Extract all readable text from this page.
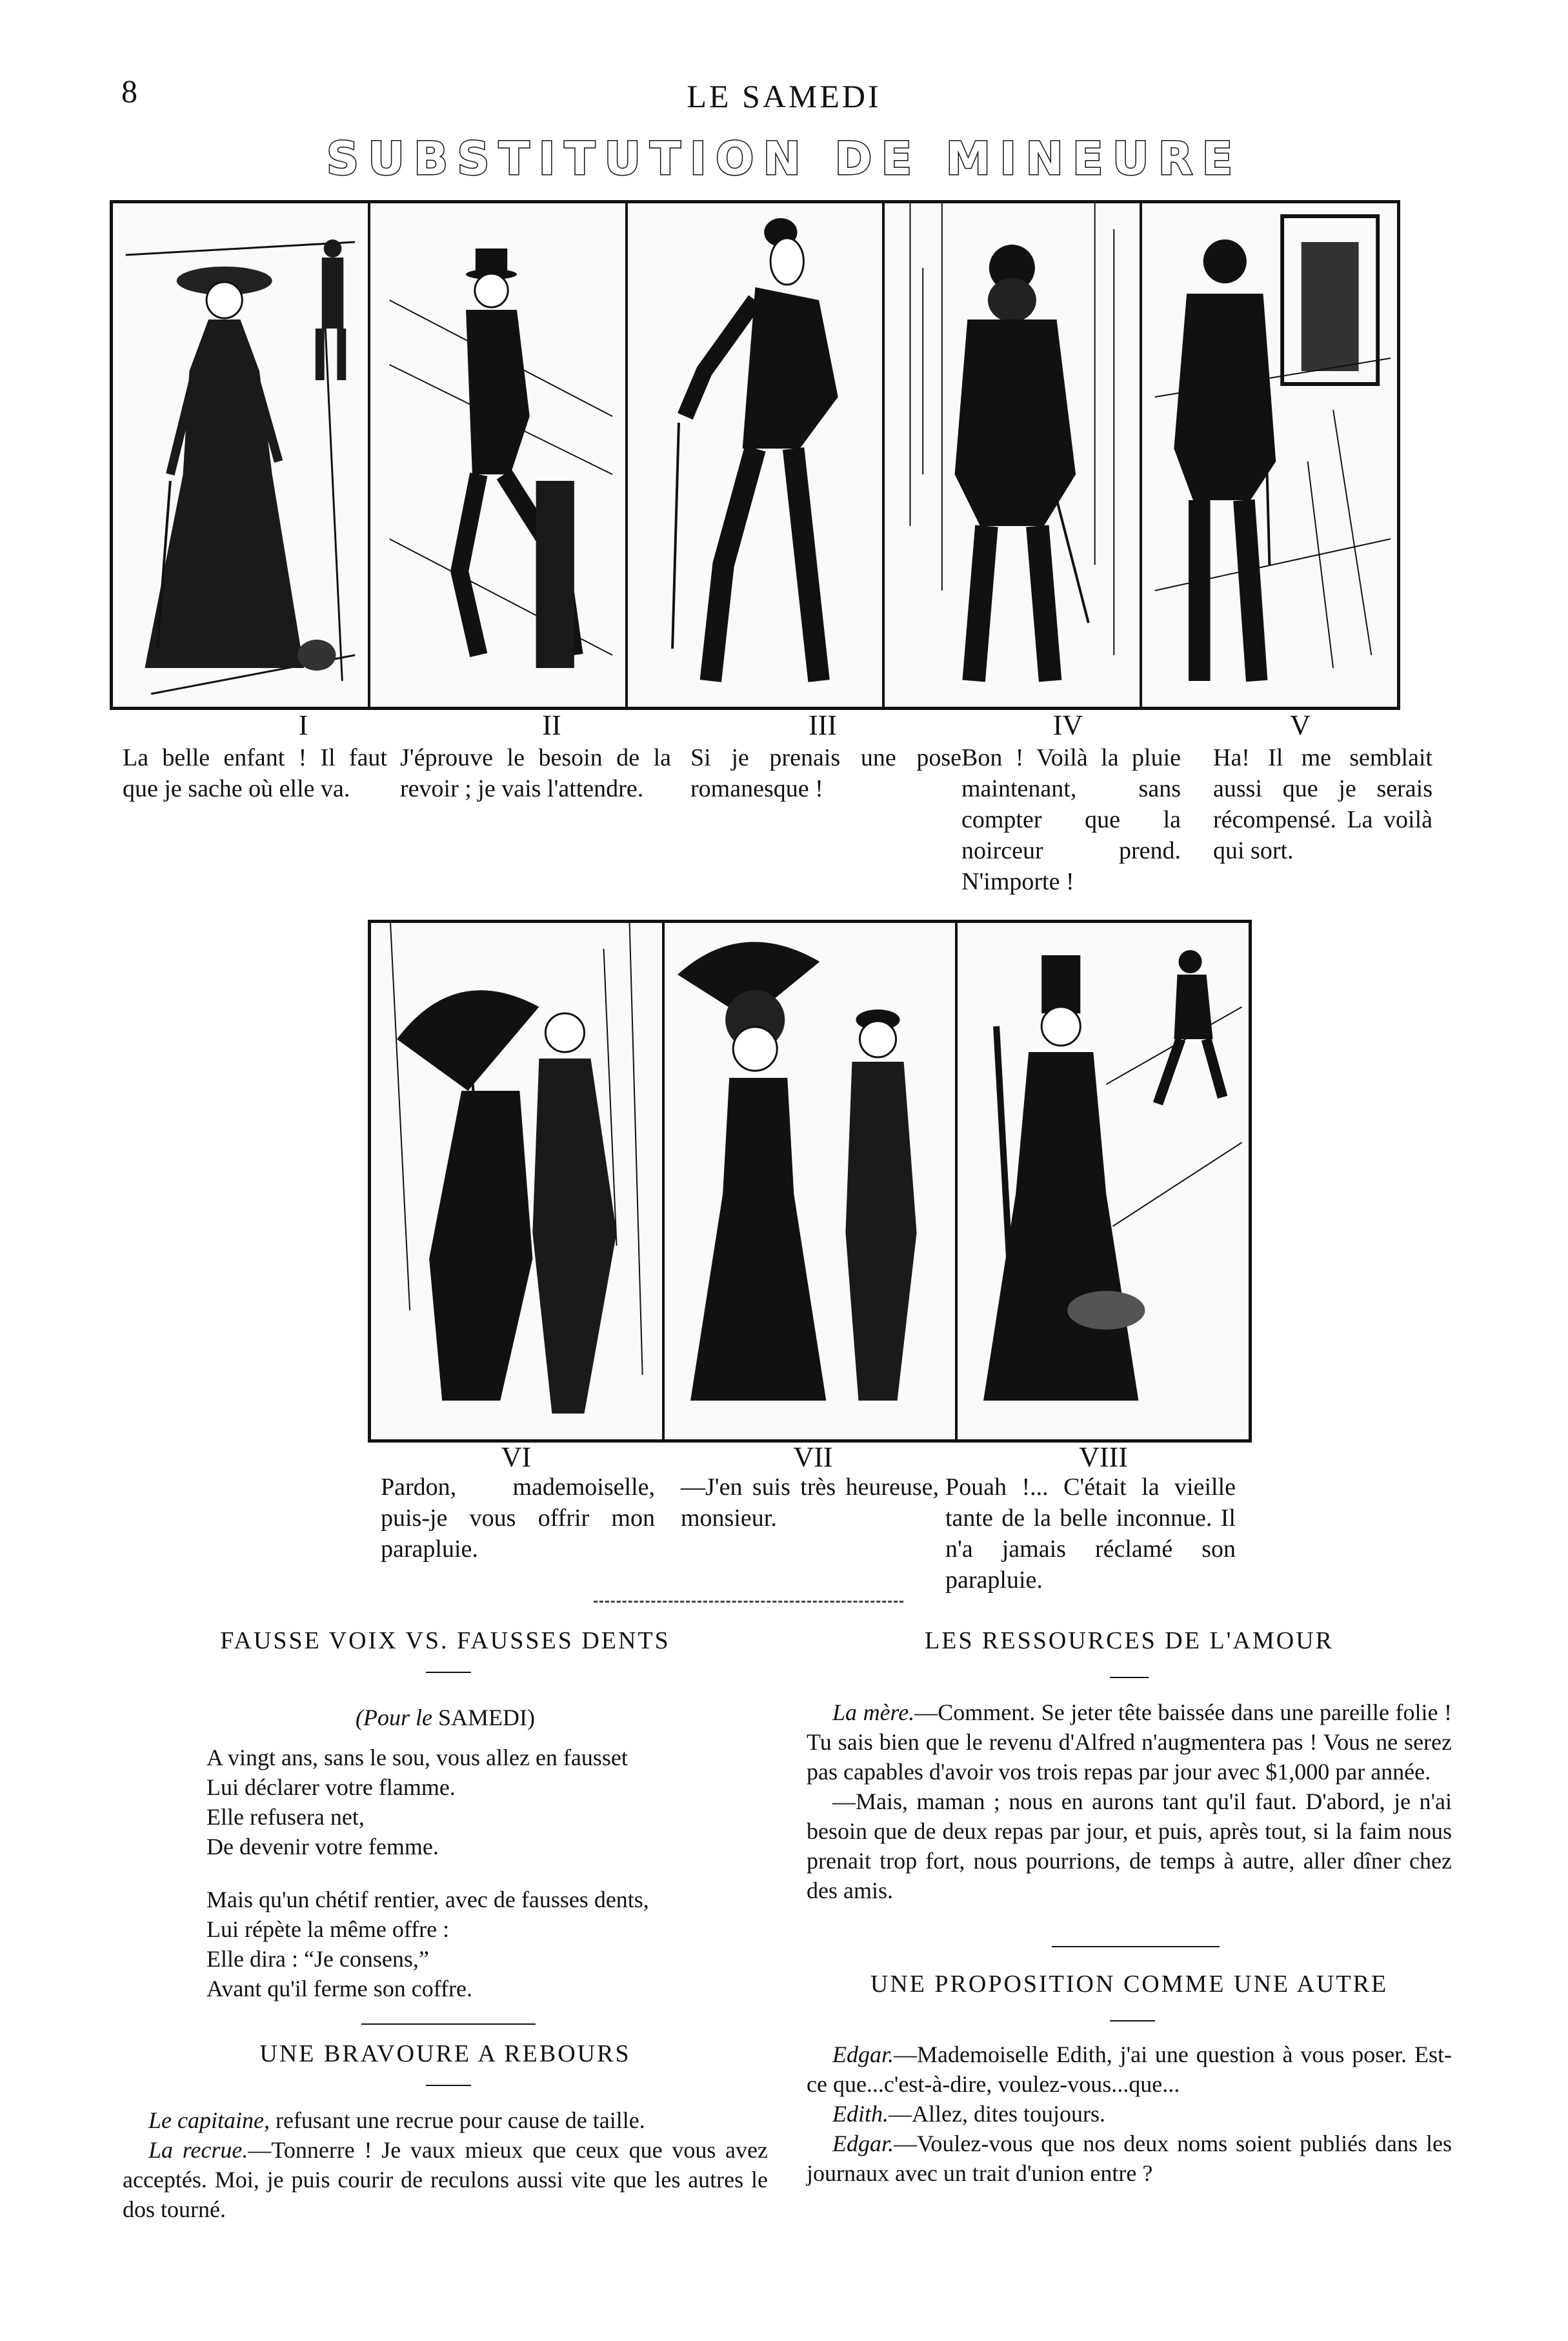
8	LE SAMEDI
SUBSTITUTION DE MINEURE
I	II	III	IV	V
La belle enfant ! Il faut que je sache où elle va.
J'éprouve le besoin de la revoir ; je vais l'attendre.
Si je prenais une pose romanesque !
Bon ! Voilà la pluie maintenant, sans compter que la noirceur prend. N'importe !
Ha! Il me semblait aussi que je serais récompensé. La voilà qui sort.
VI	VII	VIII
Pardon, mademoiselle, puis-je vous offrir mon parapluie.
—J'en suis très heureuse, monsieur.
Pouah !... C'était la vieille tante de la belle inconnue. Il n'a jamais réclamé son parapluie.
FAUSSE VOIX VS. FAUSSES DENTS
(Pour le SAMEDI)
A vingt ans, sans le sou, vous allez en fausset
Lui déclarer votre flamme.
Elle refusera net,
De devenir votre femme.
Mais qu'un chétif rentier, avec de fausses dents,
Lui répète la même offre :
Elle dira : “Je consens,”
Avant qu'il ferme son coffre.
UNE BRAVOURE A REBOURS

Le capitaine, refusant une recrue pour cause de taille.

La recrue.—Tonnerre ! Je vaux mieux que ceux que vous avez acceptés. Moi, je puis courir de reculons aussi vite que les autres le dos tourné.

LES RESSOURCES DE L'AMOUR

La mère.—Comment. Se jeter tête baissée dans une pareille folie ! Tu sais bien que le revenu d'Alfred n'augmentera pas ! Vous ne serez pas capables d'avoir vos trois repas par jour avec $1,000 par année.

—Mais, maman ; nous en aurons tant qu'il faut. D'abord, je n'ai besoin que de deux repas par jour, et puis, après tout, si la faim nous prenait trop fort, nous pourrions, de temps à autre, aller dîner chez des amis.

UNE PROPOSITION COMME UNE AUTRE

Edgar.—Mademoiselle Edith, j'ai une question à vous poser. Est-ce que...c'est-à-dire, voulez-vous...que...

Edith.—Allez, dites toujours.

Edgar.—Voulez-vous que nos deux noms soient publiés dans les journaux avec un trait d'union entre ?
